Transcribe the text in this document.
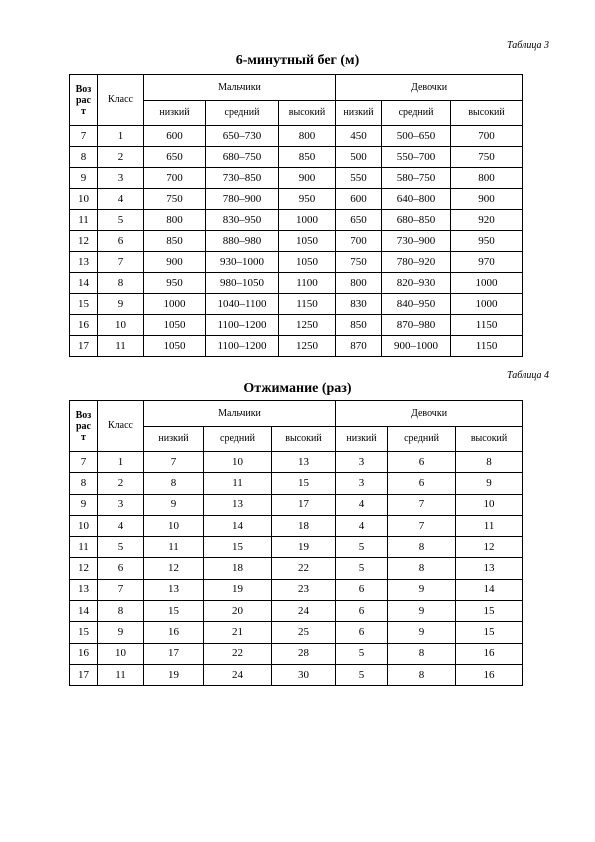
Таблица 3
6-минутный бег (м)
Воз
рас
т	Класс	Мальчики			Девочки		
		низкий	средний	высокий	низкий	средний	высокий
7	1	600	650–730	800	450	500–650	700
8	2	650	680–750	850	500	550–700	750
9	3	700	730–850	900	550	580–750	800
10	4	750	780–900	950	600	640–800	900
11	5	800	830–950	1000	650	680–850	920
12	6	850	880–980	1050	700	730–900	950
13	7	900	930–1000	1050	750	780–920	970
14	8	950	980–1050	1100	800	820–930	1000
15	9	1000	1040–1100	1150	830	840–950	1000
16	10	1050	1100–1200	1250	850	870–980	1150
17	11	1050	1100–1200	1250	870	900–1000	1150
Таблица 4
Отжимание (раз)
Воз
рас
т	Класс	Мальчики			Девочки		
		низкий	средний	высокий	низкий	средний	высокий
7	1	7	10	13	3	6	8
8	2	8	11	15	3	6	9
9	3	9	13	17	4	7	10
10	4	10	14	18	4	7	11
11	5	11	15	19	5	8	12
12	6	12	18	22	5	8	13
13	7	13	19	23	6	9	14
14	8	15	20	24	6	9	15
15	9	16	21	25	6	9	15
16	10	17	22	28	5	8	16
17	11	19	24	30	5	8	16
